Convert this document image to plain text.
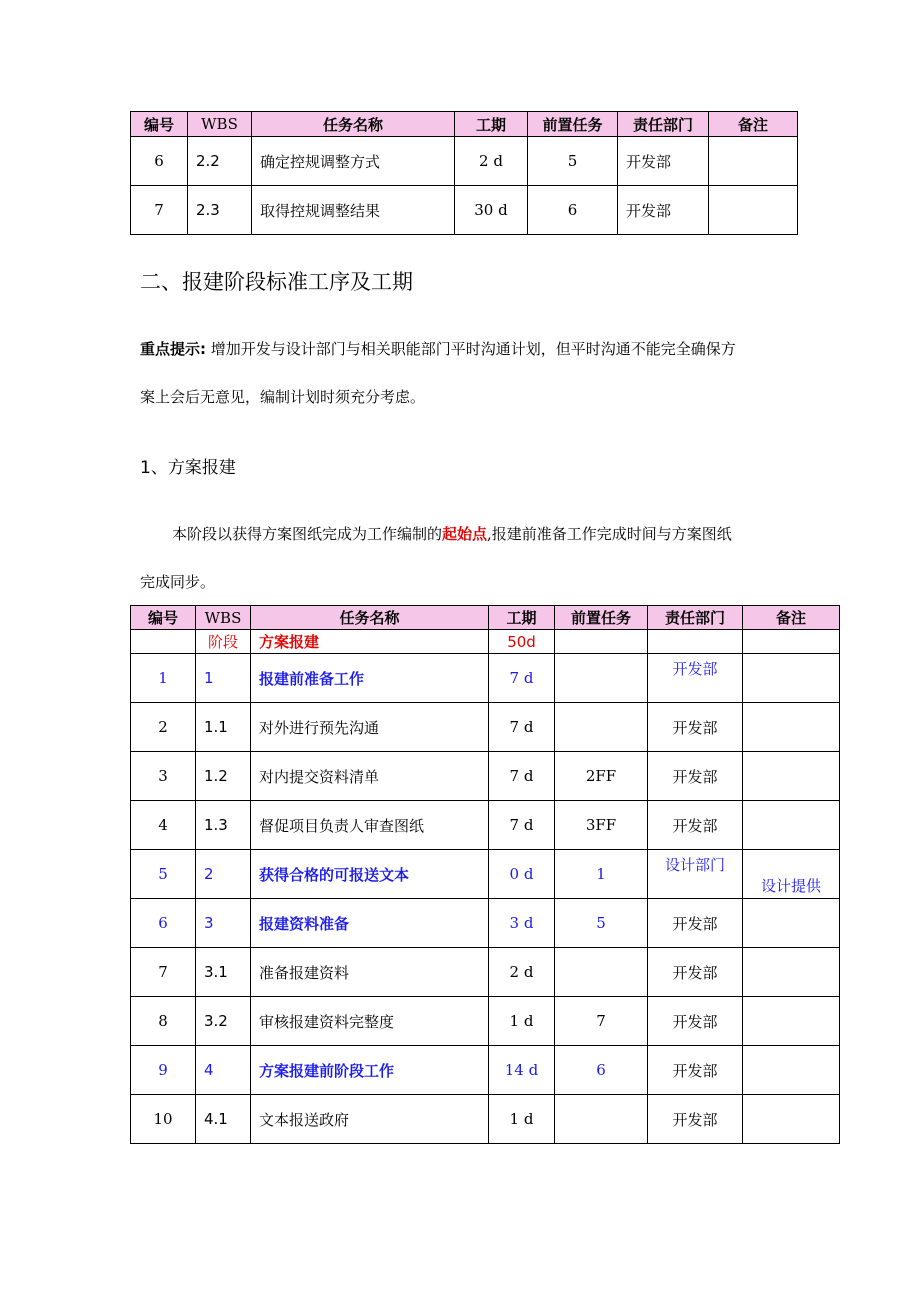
编号	WBS	任务名称	工期	前置任务	责任部门	备注
6	2.2	确定控规调整方式	2 d	5	开发部	
7	2.3	取得控规调整结果	30 d	6	开发部	
二、报建阶段标准工序及工期
重点提示: 增加开发与设计部门与相关职能部门平时沟通计划，但平时沟通不能完全确保方
案上会后无意见，编制计划时须充分考虑。
1、方案报建
本阶段以获得方案图纸完成为工作编制的起始点,报建前准备工作完成时间与方案图纸
完成同步。
编号	WBS	任务名称	工期	前置任务	责任部门	备注
	阶段	方案报建	50d			
1	1	报建前准备工作	7 d		开发部	
2	1.1	对外进行预先沟通	7 d		开发部	
3	1.2	对内提交资料清单	7 d	2FF	开发部	
4	1.3	督促项目负责人审查图纸	7 d	3FF	开发部	
5	2	获得合格的可报送文本	0 d	1	设计部门	设计提供
6	3	报建资料准备	3 d	5	开发部	
7	3.1	准备报建资料	2 d		开发部	
8	3.2	审核报建资料完整度	1 d	7	开发部	
9	4	方案报建前阶段工作	14 d	6	开发部	
10	4.1	文本报送政府	1 d		开发部	
